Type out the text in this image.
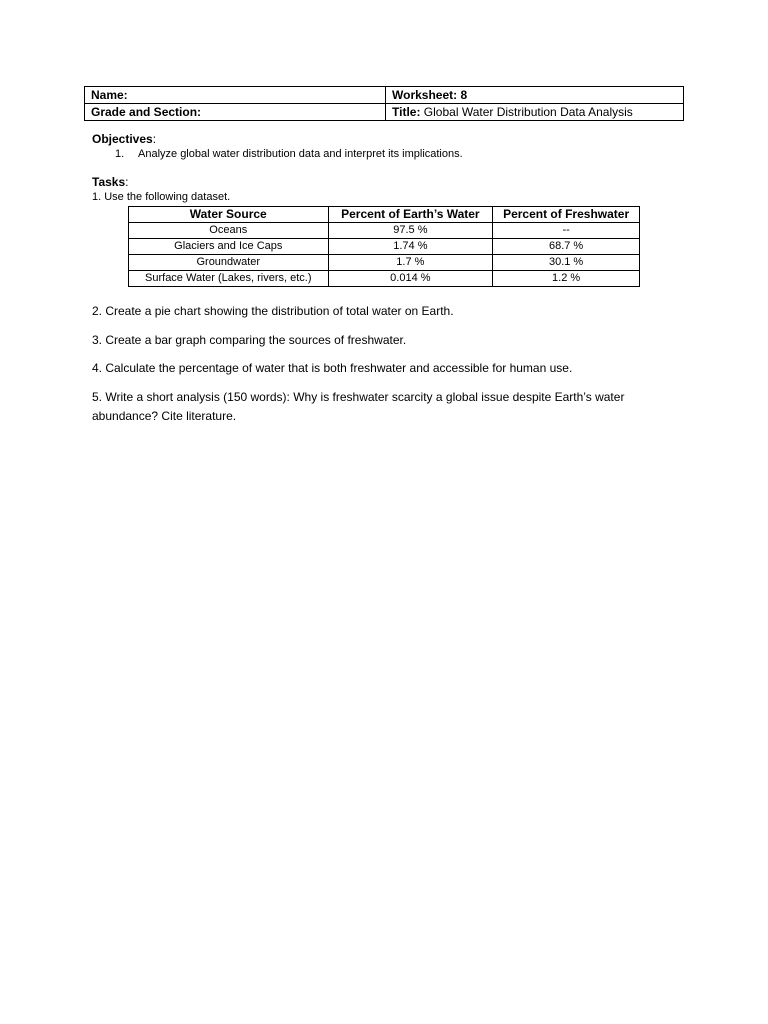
Name:	Worksheet: 8
Grade and Section:	Title: Global Water Distribution Data Analysis
Objectives:
1. Analyze global water distribution data and interpret its implications.
Tasks:
1. Use the following dataset.
Water Source	Percent of Earth’s Water	Percent of Freshwater
Oceans	97.5 %	--
Glaciers and Ice Caps	1.74 %	68.7 %
Groundwater	1.7 %	30.1 %
Surface Water (Lakes, rivers, etc.)	0.014 %	1.2 %
2. Create a pie chart showing the distribution of total water on Earth.
3. Create a bar graph comparing the sources of freshwater.
4. Calculate the percentage of water that is both freshwater and accessible for human use.
5. Write a short analysis (150 words): Why is freshwater scarcity a global issue despite Earth’s water abundance? Cite literature.
